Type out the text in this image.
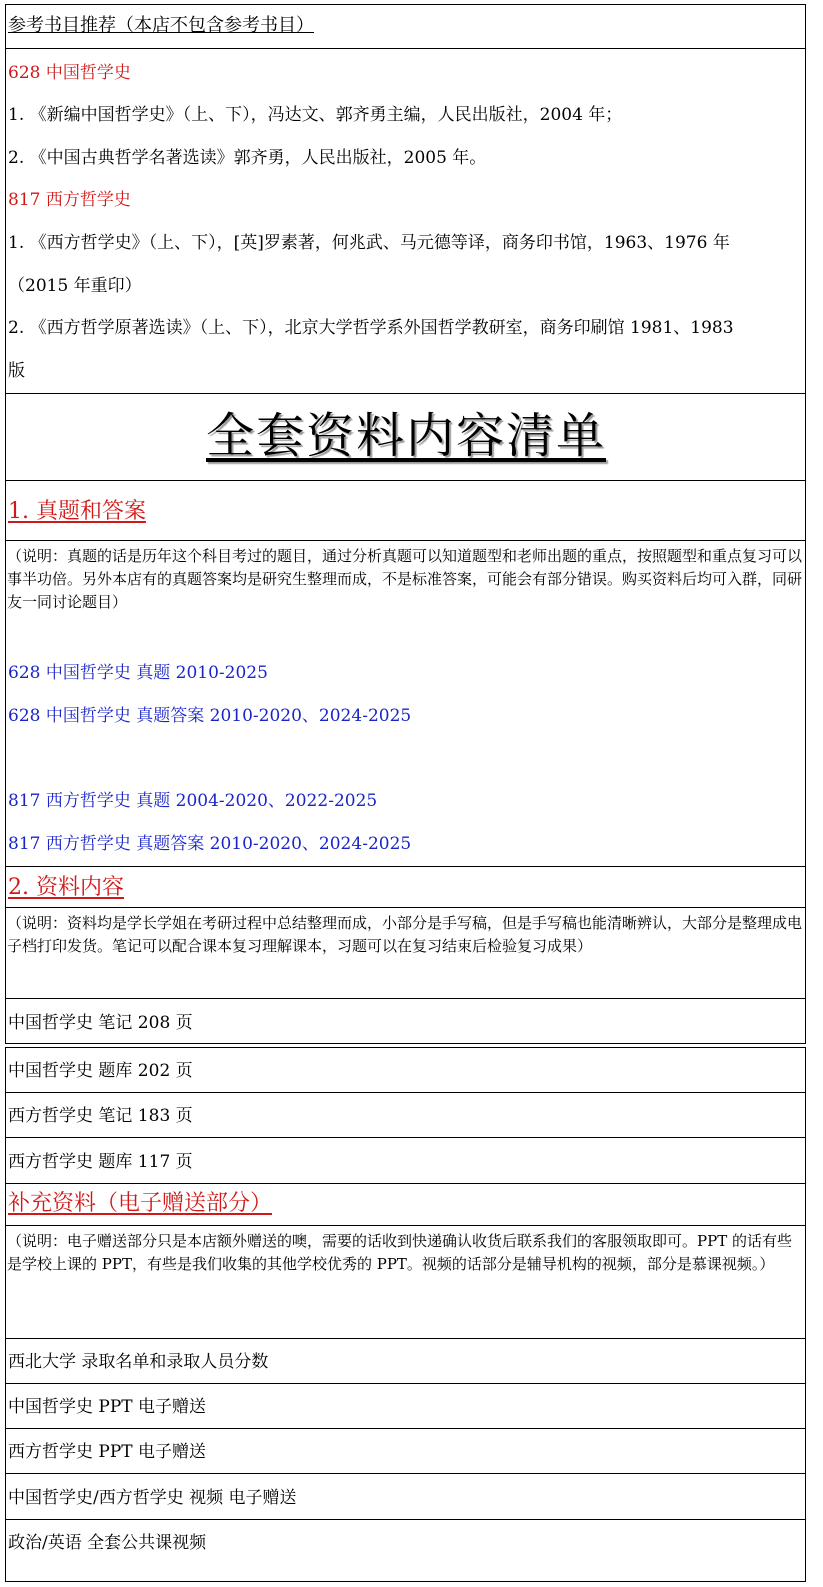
参考书目推荐（本店不包含参考书目）
628 中国哲学史
1. 《新编中国哲学史》（上、下），冯达文、郭齐勇主编，人民出版社，2004 年；
2. 《中国古典哲学名著选读》郭齐勇，人民出版社，2005 年。
817 西方哲学史
1. 《西方哲学史》（上、下），[英]罗素著，何兆武、马元德等译，商务印书馆，1963、1976 年
（2015 年重印）
2. 《西方哲学原著选读》（上、下），北京大学哲学系外国哲学教研室，商务印刷馆 1981、1983
版
全套资料内容清单
1. 真题和答案
（说明：真题的话是历年这个科目考过的题目，通过分析真题可以知道题型和老师出题的重点，按照题型和重点复习可以事半功倍。另外本店有的真题答案均是研究生整理而成，不是标准答案，可能会有部分错误。购买资料后均可入群，同研友一同讨论题目）
628 中国哲学史 真题 2010-2025
628 中国哲学史 真题答案 2010-2020、2024-2025
817 西方哲学史 真题 2004-2020、2022-2025
817 西方哲学史 真题答案 2010-2020、2024-2025
2. 资料内容
（说明：资料均是学长学姐在考研过程中总结整理而成，小部分是手写稿，但是手写稿也能清晰辨认，大部分是整理成电子档打印发货。笔记可以配合课本复习理解课本，习题可以在复习结束后检验复习成果）
中国哲学史 笔记 208 页
中国哲学史 题库 202 页
西方哲学史 笔记 183 页
西方哲学史 题库 117 页
补充资料（电子赠送部分）
（说明：电子赠送部分只是本店额外赠送的噢，需要的话收到快递确认收货后联系我们的客服领取即可。PPT 的话有些是学校上课的 PPT，有些是我们收集的其他学校优秀的 PPT。视频的话部分是辅导机构的视频，部分是慕课视频。）
西北大学 录取名单和录取人员分数
中国哲学史 PPT 电子赠送
西方哲学史 PPT 电子赠送
中国哲学史/西方哲学史 视频 电子赠送
政治/英语 全套公共课视频
